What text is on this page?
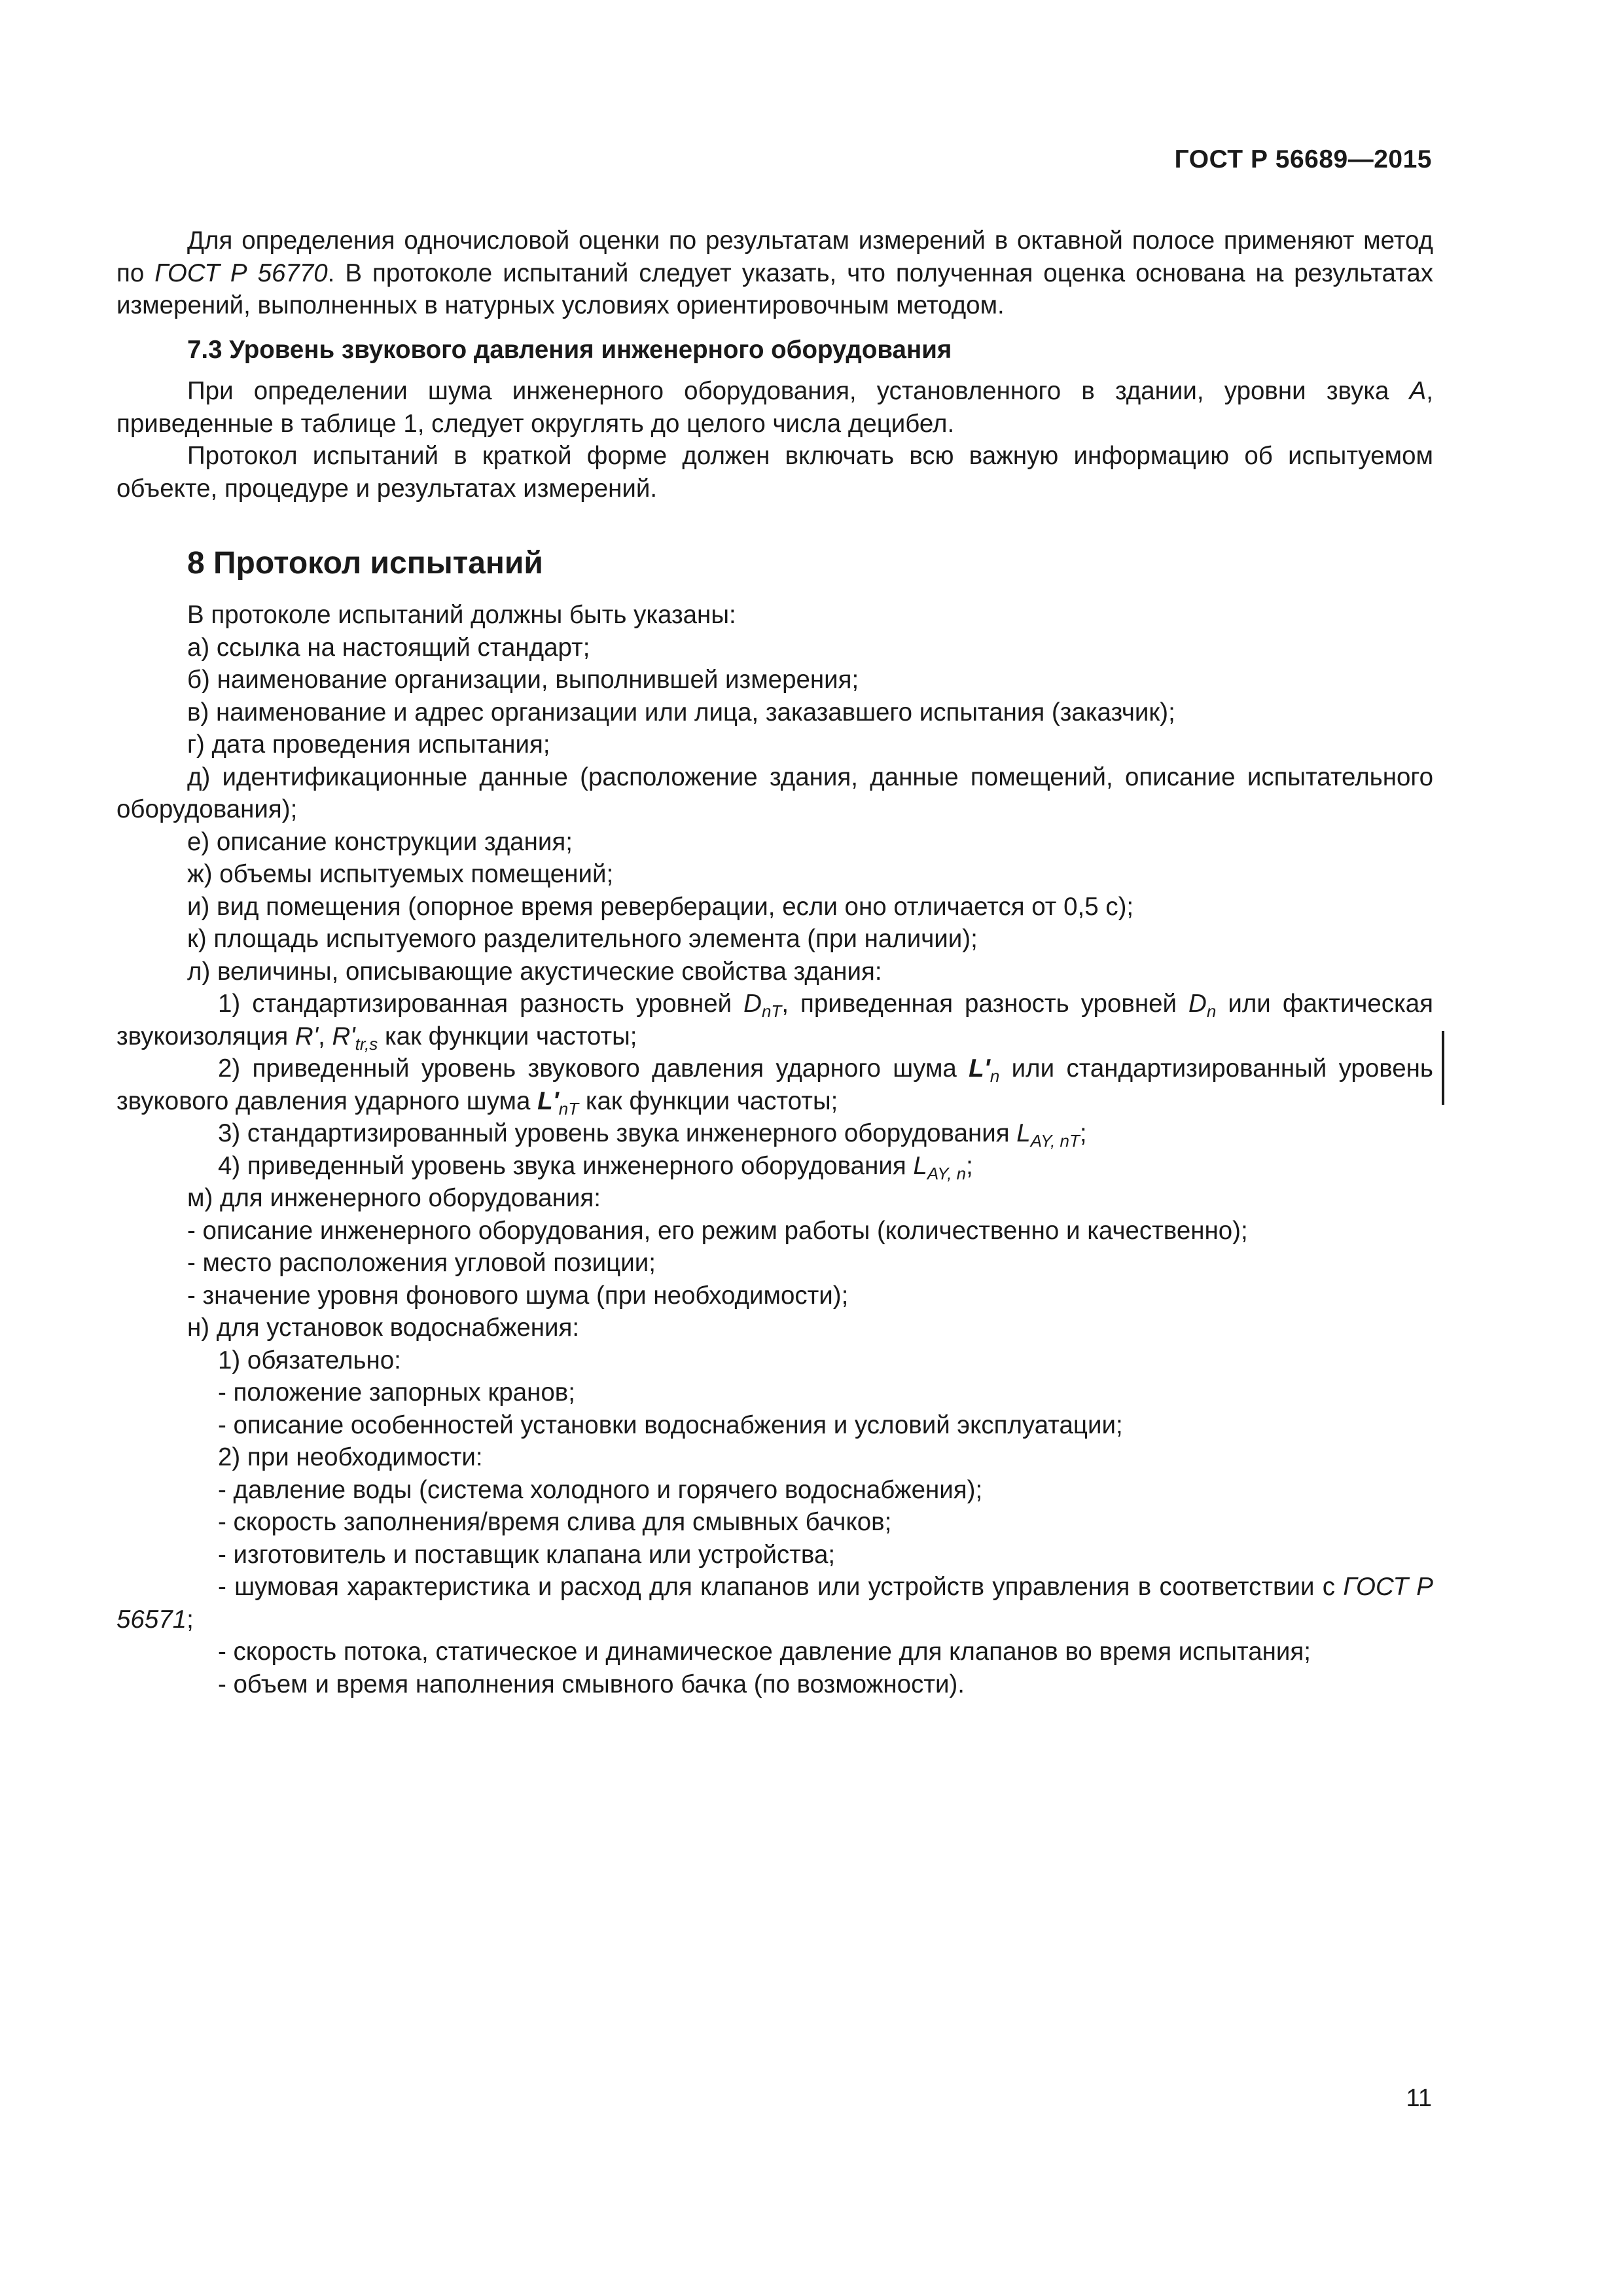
ГОСТ Р 56689—2015

Для определения одночисловой оценки по результатам измерений в октавной полосе применяют метод по ГОСТ Р 56770. В протоколе испытаний следует указать, что полученная оценка основана на результатах измерений, выполненных в натурных условиях ориентировочным методом.

7.3 Уровень звукового давления инженерного оборудования

При определении шума инженерного оборудования, установленного в здании, уровни звука A, приведенные в таблице 1, следует округлять до целого числа децибел.

Протокол испытаний в краткой форме должен включать всю важную информацию об испытуемом объекте, процедуре и результатах измерений.

8 Протокол испытаний

В протоколе испытаний должны быть указаны:

а) ссылка на настоящий стандарт;

б) наименование организации, выполнившей измерения;

в) наименование и адрес организации или лица, заказавшего испытания (заказчик);

г) дата проведения испытания;

д) идентификационные данные (расположение здания, данные помещений, описание испытательного оборудования);

е) описание конструкции здания;

ж) объемы испытуемых помещений;

и) вид помещения (опорное время реверберации, если оно отличается от 0,5 с);

к) площадь испытуемого разделительного элемента (при наличии);

л) величины, описывающие акустические свойства здания:

1) стандартизированная разность уровней $D_{nT}$, приведенная разность уровней $D_n$ или фактическая звукоизоляция R', $R'_{tr,s}$ как функции частоты;

2) приведенный уровень звукового давления ударного шума $L'_n$ или стандартизированный уровень звукового давления ударного шума $L'_{nT}$ как функции частоты;

3) стандартизированный уровень звука инженерного оборудования $L_{AY, nT}$;

4) приведенный уровень звука инженерного оборудования $L_{AY, n}$;

м) для инженерного оборудования:

- описание инженерного оборудования, его режим работы (количественно и качественно);

- место расположения угловой позиции;

- значение уровня фонового шума (при необходимости);

н) для установок водоснабжения:

1) обязательно:

- положение запорных кранов;

- описание особенностей установки водоснабжения и условий эксплуатации;

2) при необходимости:

- давление воды (система холодного и горячего водоснабжения);

- скорость заполнения/время слива для смывных бачков;

- изготовитель и поставщик клапана или устройства;

- шумовая характеристика и расход для клапанов или устройств управления в соответствии с ГОСТ Р 56571;

- скорость потока, статическое и динамическое давление для клапанов во время испытания;

- объем и время наполнения смывного бачка (по возможности).

11
